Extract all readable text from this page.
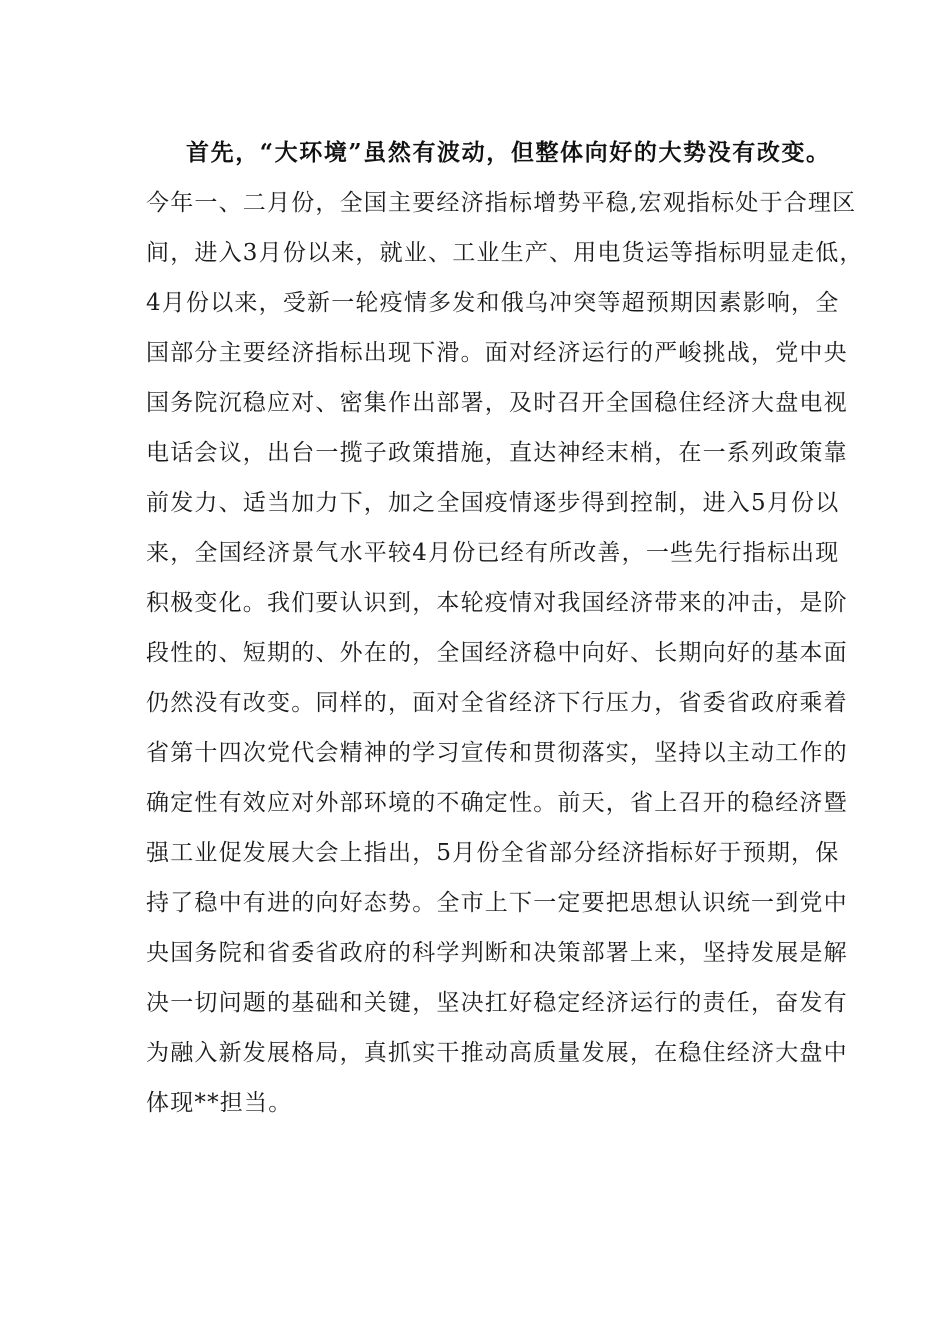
首先，“大环境”虽然有波动，但整体向好的大势没有改变。
今年一、二月份，全国主要经济指标增势平稳,宏观指标处于合理区
间，进入3月份以来，就业、工业生产、用电货运等指标明显走低，
4月份以来，受新一轮疫情多发和俄乌冲突等超预期因素影响，全
国部分主要经济指标出现下滑。面对经济运行的严峻挑战，党中央
国务院沉稳应对、密集作出部署，及时召开全国稳住经济大盘电视
电话会议，出台一揽子政策措施，直达神经末梢，在一系列政策靠
前发力、适当加力下，加之全国疫情逐步得到控制，进入5月份以
来，全国经济景气水平较4月份已经有所改善，一些先行指标出现
积极变化。我们要认识到，本轮疫情对我国经济带来的冲击，是阶
段性的、短期的、外在的，全国经济稳中向好、长期向好的基本面
仍然没有改变。同样的，面对全省经济下行压力，省委省政府乘着
省第十四次党代会精神的学习宣传和贯彻落实，坚持以主动工作的
确定性有效应对外部环境的不确定性。前天，省上召开的稳经济暨
强工业促发展大会上指出，5月份全省部分经济指标好于预期，保
持了稳中有进的向好态势。全市上下一定要把思想认识统一到党中
央国务院和省委省政府的科学判断和决策部署上来，坚持发展是解
决一切问题的基础和关键，坚决扛好稳定经济运行的责任，奋发有
为融入新发展格局，真抓实干推动高质量发展，在稳住经济大盘中
体现**担当。
